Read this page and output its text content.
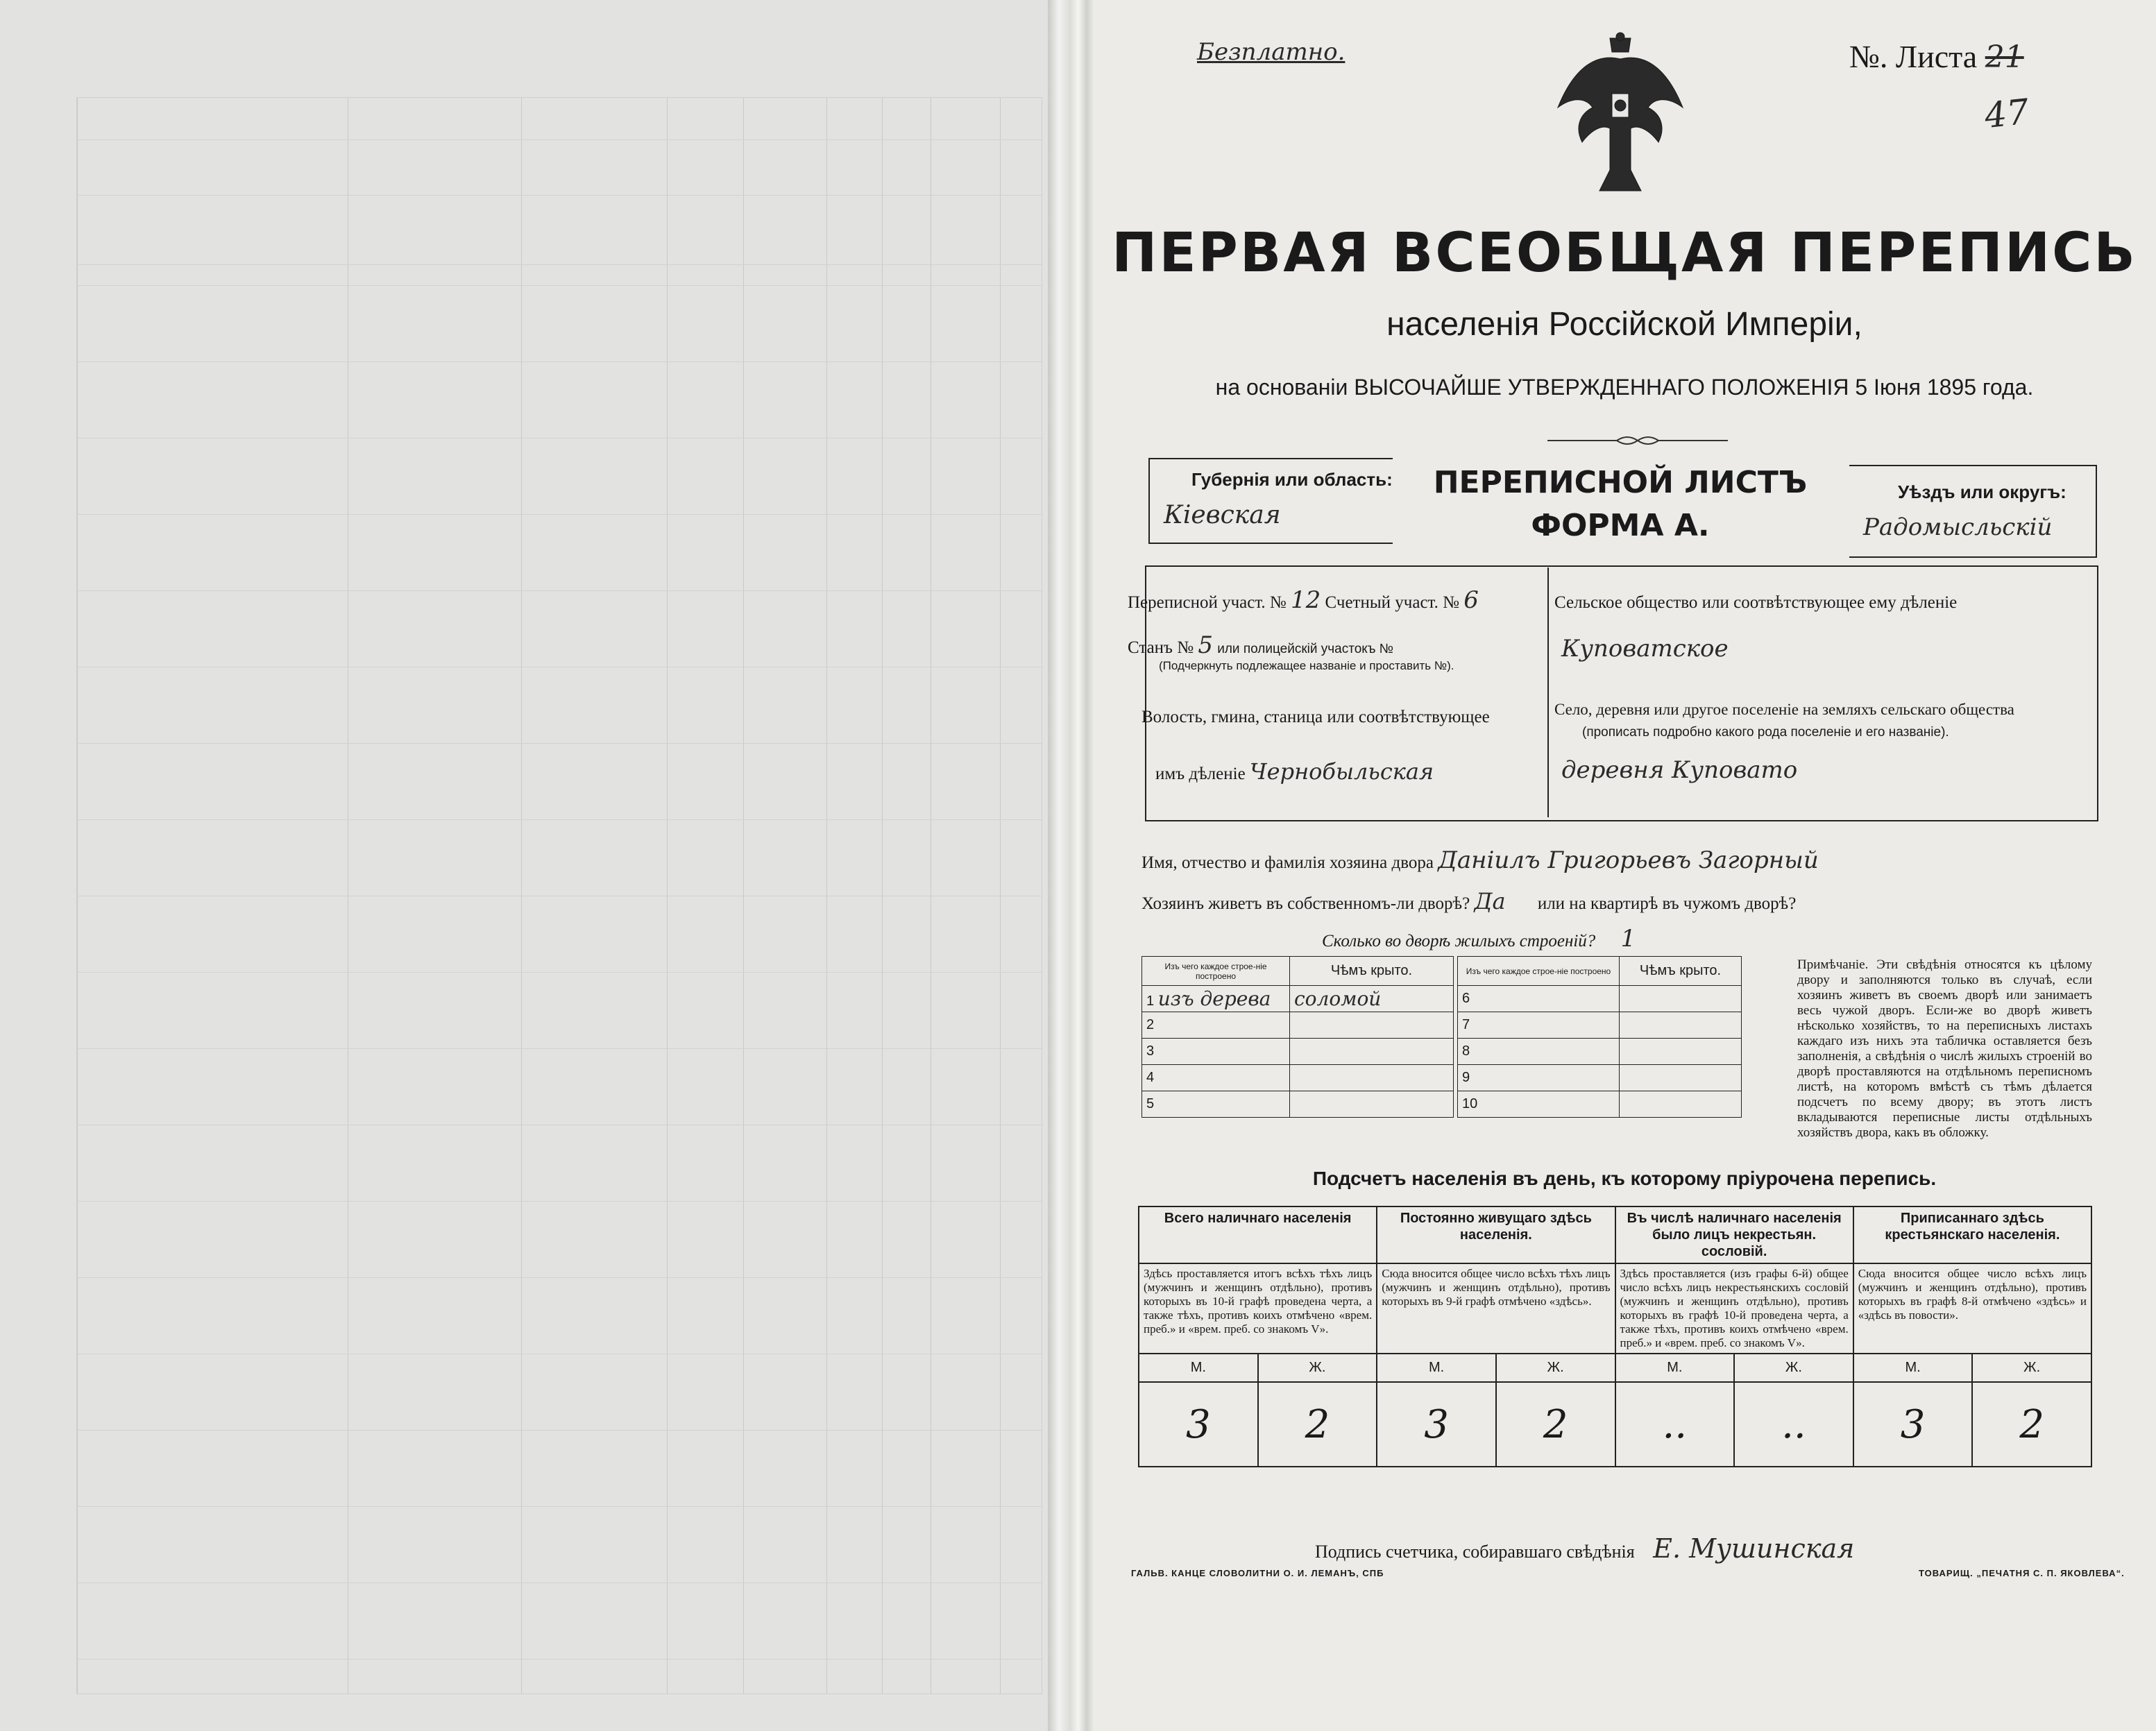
Безплатно.	№. Листа 21
47
ПЕРВАЯ ВСЕОБЩАЯ ПЕРЕПИСЬ
населенія Россійской Имперіи,
на основаніи ВЫСОЧАЙШЕ УТВЕРЖДЕННАГО ПОЛОЖЕНІЯ 5 Іюня 1895 года.
Губернія или область:
Кіевская
ПЕРЕПИСНОЙ ЛИСТЪ
ФОРМА А.
Уѣздъ или округъ:
Радомысльскій
Переписной участ. № 12 Счетный участ. № 6
Станъ № 5 или полицейскій участокъ №
(Подчеркнуть подлежащее названіе и проставить №).
Волость, гмина, станица или соотвѣтствующее
имъ дѣленіе Чернобыльская
Сельское общество или соотвѣтствующее ему дѣленіе
Куповатское
Село, деревня или другое поселеніе на земляхъ сельскаго общества
(прописать подробно какого рода поселеніе и его названіе).
деревня Куповато
Имя, отчество и фамилія хозяина двора Даніилъ Григорьевъ Загорный
Хозяинъ живетъ въ собственномъ-ли дворѣ? Да или на квартирѣ въ чужомъ дворѣ?
Сколько во дворѣ жилыхъ строеній? 1
Изъ чего каждое строе-ніе построено	Чѣмъ крыто.
1 изъ дерева	соломой
2	
3	
4	
5	
Изъ чего каждое строе-ніе построено	Чѣмъ крыто.
6	
7	
8	
9	
10	
Примѣчаніе. Эти свѣдѣнія относятся къ цѣлому двору и заполняются только въ случаѣ, если хозяинъ живетъ въ своемъ дворѣ или занимаетъ весь чужой дворъ. Если-же во дворѣ живетъ нѣсколько хозяйствъ, то на переписныхъ листахъ каждаго изъ нихъ эта табличка оставляется безъ заполненія, а свѣдѣнія о числѣ жилыхъ строеній во дворѣ проставляются на отдѣльномъ переписномъ листѣ, на которомъ вмѣстѣ съ тѣмъ дѣлается подсчетъ по всему двору; въ этотъ листъ вкладываются переписные листы отдѣльныхъ хозяйствъ двора, какъ въ обложку.
Подсчетъ населенія въ день, къ которому пріурочена перепись.
Всего наличнаго населенія		Постоянно живущаго здѣсь населенія.		Въ числѣ наличнаго населенія было лицъ некрестьян. сословій.		Приписаннаго здѣсь крестьянскаго населенія.	
Здѣсь проставляется итогъ всѣхъ тѣхъ лицъ (мужчинъ и женщинъ отдѣльно), противъ которыхъ въ 10-й графѣ проведена черта, а также тѣхъ, противъ коихъ отмѣчено «врем. преб.» и «врем. преб. со знакомъ V».		Сюда вносится общее число всѣхъ тѣхъ лицъ (мужчинъ и женщинъ отдѣльно), противъ которыхъ въ 9-й графѣ отмѣчено «здѣсь».		Здѣсь проставляется (изъ графы 6-й) общее число всѣхъ лицъ некрестьянскихъ сословій (мужчинъ и женщинъ отдѣльно), противъ которыхъ въ графѣ 10-й проведена черта, а также тѣхъ, противъ коихъ отмѣчено «врем. преб.» и «врем. преб. со знакомъ V».		Сюда вносится общее число всѣхъ лицъ (мужчинъ и женщинъ отдѣльно), противъ которыхъ въ графѣ 8-й отмѣчено «здѣсь» и «здѣсь въ повости».	
М.	Ж.	М.	Ж.	М.	Ж.	М.	Ж.
3	2	3	2	..	..	3	2
Подпись счетчика, собиравшаго свѣдѣнія Е. Мушинская
ГАЛЬВ. КАНЦЕ СЛОВОЛИТНИ О. И. ЛЕМАНЪ, СПБ	ТОВАРИЩ. „ПЕЧАТНЯ С. П. ЯКОВЛЕВА“.
